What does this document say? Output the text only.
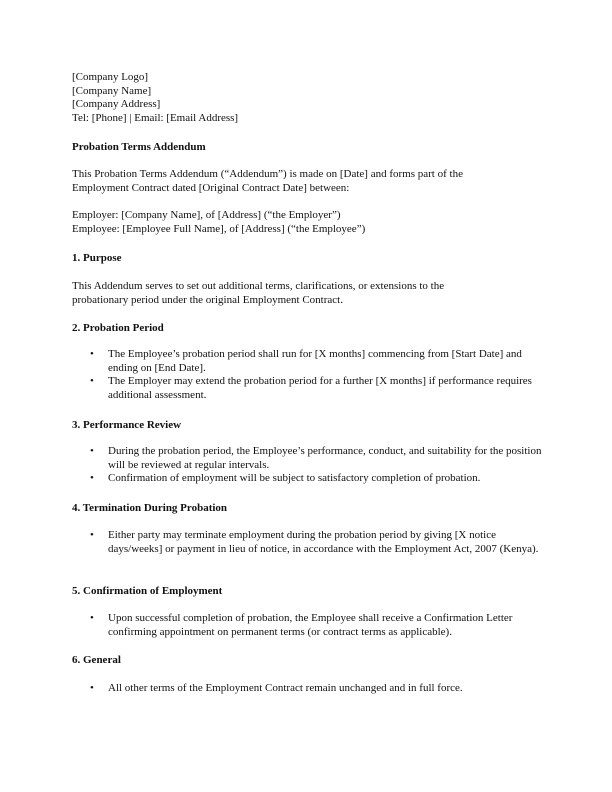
[Company Logo]
[Company Name]
[Company Address]
Tel: [Phone] | Email: [Email Address]
Probation Terms Addendum
This Probation Terms Addendum (“Addendum”) is made on [Date] and forms part of the
Employment Contract dated [Original Contract Date] between:
Employer: [Company Name], of [Address] (“the Employer”)
Employee: [Employee Full Name], of [Address] (“the Employee”)
1. Purpose
This Addendum serves to set out additional terms, clarifications, or extensions to the
probationary period under the original Employment Contract.
2. Probation Period
• The Employee’s probation period shall run for [X months] commencing from [Start Date] and ending on [End Date].
• The Employer may extend the probation period for a further [X months] if performance requires additional assessment.
3. Performance Review
• During the probation period, the Employee’s performance, conduct, and suitability for the position will be reviewed at regular intervals.
• Confirmation of employment will be subject to satisfactory completion of probation.
4. Termination During Probation
• Either party may terminate employment during the probation period by giving [X notice days/weeks] or payment in lieu of notice, in accordance with the Employment Act, 2007 (Kenya).
5. Confirmation of Employment
• Upon successful completion of probation, the Employee shall receive a Confirmation Letter confirming appointment on permanent terms (or contract terms as applicable).
6. General
• All other terms of the Employment Contract remain unchanged and in full force.
